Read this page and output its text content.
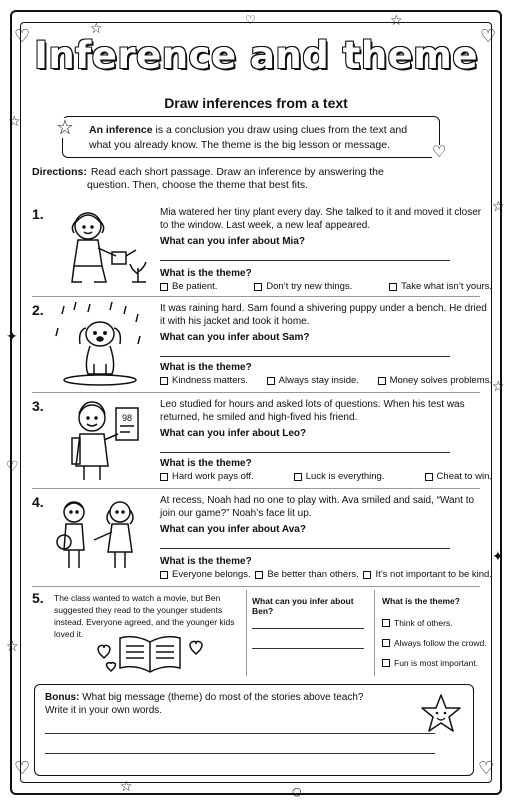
♡	☆
♡	☆
♡
☆
☆
✦
☆
♡
✦
☆
♡
☆	○
♡
Inference and theme
Draw inferences from a text
An inference is a conclusion you draw using clues from the text and what you already know. The theme is the big lesson or message.
☆
♡
Directions: Read each short passage. Draw an inference by answering the
question. Then, choose the theme that best fits.
1.	Mia watered her tiny plant every day. She talked to it and moved it closer to the window. Last week, a new leaf appeared.
What can you infer about Mia?
What is the theme?
Be patient.	Don’t try new things.	Take what isn’t yours.
2.	It was raining hard. Sam found a shivering puppy under a bench. He dried it with his jacket and took it home.
What can you infer about Sam?
What is the theme?
Kindness matters.	Always stay inside.	Money solves problems.
3.
98
Leo studied for hours and asked lots of questions. When his test was returned, he smiled and high-fived his friend.
What can you infer about Leo?
What is the theme?
Hard work pays off.	Luck is everything.	Cheat to win.
4.	At recess, Noah had no one to play with. Ava smiled and said, “Want to join our game?” Noah’s face lit up.
What can you infer about Ava?
What is the theme?
Everyone belongs. Be better than others. It’s not important to be kind.
5. The class wanted to watch a movie, but Ben suggested they read to the younger students instead. Everyone agreed, and the younger kids loved it.
What can you infer about Ben?
What is the theme?
Think of others.
Always follow the crowd.
Fun is most important.
Bonus: What big message (theme) do most of the stories above teach?
Write it in your own words.
